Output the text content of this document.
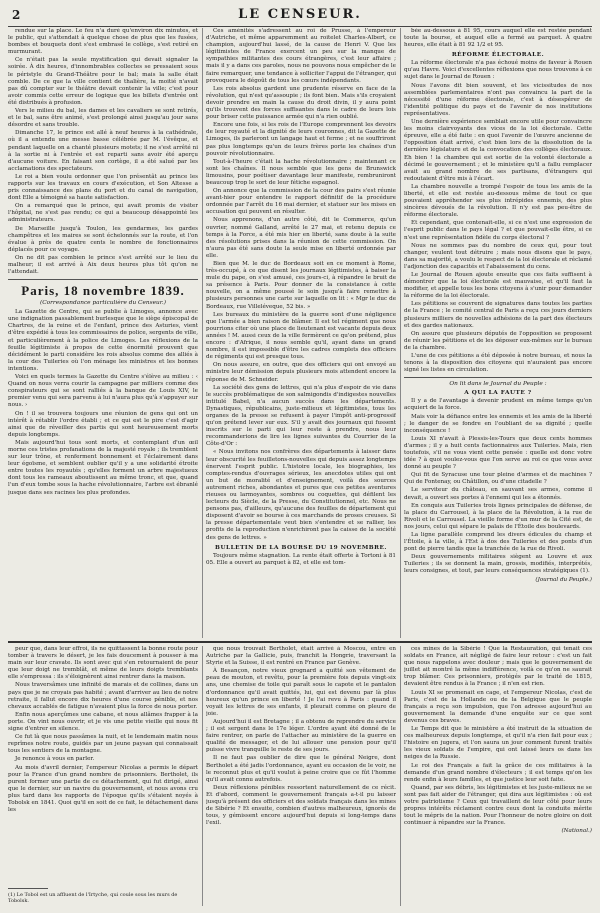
2	LE CENSEUR.

rendue sur la place. Le feu n'a duré qu'environ dix minutes, et le public, qui s'attendait à quelque chose de plus que les fusées, bombes et bouquets dont s'est embrasé le collège, s'est retiré en murmurant.

Ce n'était pas la seule mystification qui devait signaler la soirée. À dix heures, d'innombrables collectes se pressaient sous le péristyle du Grand-Théâtre pour le bal; mais la salle était comble. De ce que la ville contient de thalière, la moitié n'avait pas dû compter sur le théâtre devait contenir la ville; c'est pour avoir commis cette erreur de logique que les billets d'entrée ont été distribués à profusion.

Vers le milieu du bal, les dames et les cavaliers se sont retirés, et le bal, sans être animé, s'est prolongé ainsi jusqu'au jour sans désordre et sans trouble.

Dimanche 17, le prince est allé à neuf heures à la cathédrale, où il a entendu une messe basse célébrée par M. l'évêque, et pendant laquelle on a chanté plusieurs motets; il ne s'est arrêté ni à la sortie ni à l'entrée et est reparti sans avoir été aperçu d'aucune voiture. En faisant son cortège, il a été salué par les acclamations des spectateurs.

Le roi a bien voulu ordonner que l'on présentât au prince les rapports sur les travaux en cours d'exécution, et Son Altesse a pris connaissance des plans du port et du canal de navigation, dont Elle a témoigné sa haute satisfaction.

On a remarqué que le prince, qui avait promis de visiter l'hôpital, ne s'est pas rendu; ce qui a beaucoup désappointé les administrateurs.

De Marseille jusqu'à Toulon, les gendarmes, les gardes champêtres et les maires se sont échelonnés sur la route, et l'on évalue à près de quatre cents le nombre de fonctionnaires déplacés pour ce voyage.

On ne dit pas combien le prince s'est arrêté sur le lieu du malheur; il est arrivé à Aix deux heures plus tôt qu'on ne l'attendait.

Paris, 18 novembre 1839.
(Correspondance particulière du Censeur.)

La Gazette de Centre, qui se publie à Limoges, annonce avec une indignation passablement burlesque que le siège épiscopal de Chartres, de la reine et de l'enfant, prince des Asturies, vient d'être expédié à tous les commissaires de police, sergents de ville, et particulièrement à la police de Limoges. Les réflexions de la feuille légitimiste à propos de cette énormité prouvent que décidément le parti considère les rois absolus comme des alliés à la cour des Tuileries où l'on ménage les ministres et les bonnes intentions.

Voici en quels termes la Gazette du Centre s'élève au milieu : ‹ Quand on nous verra courir la campagne par milliers comme des conspirateurs qui se sont ralliés à la banque de Louis XIV, le premier venu qui sera parvenu à lui n'aura plus qu'à s'appuyer sur nous. ›

On ! il se trouvera toujours une réunion de gens qui ont un intérêt à rétablir l'ordre établi ; et ce qui est le pire c'est d'agir ainsi que de réveiller des partis qui sont heureusement morts depuis longtemps.

Mais aujourd'hui tous sont morts, et contemplant d'un œil morne ces tristes profanations de la majesté royale ; ils tremblent sur leur trône, et renferment bonnement et l'éclairement dans leur égoïsme, et semblent oublier qu'il y a une solidarité étroite entre toutes les royautés ; qu'elles forment un arbre majestueux dont tous les rameaux aboutissent au même tronc, et que, quand l'un d'eux tombe sous la hache révolutionnaire, l'arbre est ébranlé jusque dans ses racines les plus profondes.

Ces aménités s'adressent au roi de Prusse, à l'empereur d'Autriche, et même apparemment au roitelet Charles-Albert, ce champion, aujourd'hui lassé, de la cause de Henri V. Que les légitimistes de France exercent un peu sur la manque de sympathies militantes des cours étrangères, c'est leur affaire ; mais il y a dans ces paroles, nous ne pouvons nous empêcher de le faire remarquer, une tendance à solliciter l'appui de l'étranger, qui provoquera le dégoût de tous les cœurs indépendants.

Les rois absolus gardent une prudente réserve en face de la révolution, qui n'est qu'assoupie ; ils font bien. Mais s'ils croyaient devoir prendre en main la cause du droit divin, il y aura point qu'ils trouvent des forces suffisantes dans le cadre de leurs lois pour briser cette puissance armée qui n'a rien oublié.

Encore une fois, si les rois de l'Europe comprennent les devoirs de leur royauté et la dignité de leurs couronnes, dit la Gazette de Limoges, ils parleront un langage haut et ferme ; et ne souffriront pas plus longtemps qu'un de leurs frères porte les chaînes d'un pouvoir révolutionnaire.

Tout-à-l'heure c'était la hache révolutionnaire ; maintenant ce sont les chaînes. Il nous semble que les gens de Brunswick limousins, pour poétiser davantage leur manifeste, rembruniront beaucoup trop le sort de leur fétiche espagnol.

On annonce que la commission de la cour des pairs s'est réunie avant-hier pour entendre le rapport définitif de la procédure ordonnée par l'arrêt du 16 mai dernier, et statuer sur les mises en accusation qui peuvent en résulter.

Nous apprenons, d'un autre côté, dit le Commerce, qu'un ouvrier, nommé Galland, arrêté le 27 mai, et retenu depuis ce temps à la Force, a été mis hier en liberté, sans doute à la suite des résolutions prises dans la réunion de cette commission. On n'aura pas été sans doute la seule mise en liberté ordonnée par elle.

Bien que M. le duc de Bordeaux soit en ce moment à Rome, très-occupé, à ce que disent les journaux légitimistes, à baiser la mule du pape, on s'est amusé, ces jours-ci, à répandre le bruit de sa présence à Paris. Pour donner de la consistance à cette nouvelle, on a même poussé le soin jusqu'à faire remettre à plusieurs personnes une carte sur laquelle on lit : « Mgr le duc de Bordeaux, rue Villeléveque, 52 bis. »

Les bureaux du ministère de la guerre sont d'une négligence que l'armée a bien raison de blâmer. Il est tel régiment que nous pourrions citer où une place de lieutenant est vacante depuis deux années ! M. aussi ceux de la ville fermèrent ce qu'on prétend, plus encore : d'Afrique, il nous semble qu'il, ayant dans un grand nombre, il est impossible d'être les cadres complets des officiers de régiments qui est presque tous.

On nous assure, en outre, que des officiers qui ont envoyé au ministre leur démission depuis plusieurs mois attendent encore la réponse de M. Schneider.

La société des gens de lettres, qui n'a plus d'espoir de vie dans le succès problématique de son salmigondis d'indigestes nouvelles intitulé Babel, n'a aucun succès dans les départements. Dynastiques, républicains, juste-milieux et légitimistes, tous les organes de la presse se refusent à payer l'impôt anti-progressif qu'on prétend lever sur eux. S'il y avait des journaux qui fussent inscrits sur le parti qui leur reste à prendre, nous leur recommanderions de lire les lignes suivantes du Courrier de la Côte-d'Or :

« Nous invitons nos confrères des départements à laisser dans leur obscurité les feuilletons-nouvelles qui depuis assez longtemps énervent l'esprit public. L'histoire locale, les biographies, les comptes-rendus d'ouvrages sérieux, les anecdotes utiles qui ont un but de moralité et d'enseignement, voilà des sources autrement riches, abondantes et pures que ces petites aventures rieuses ou larmoyantes, sombres ou coquettes, qui défilent les lecteurs du Siècle, de la Presse, du Constitutionnel, etc. Nous ne pensons pas, d'ailleurs, qu'aucune des feuilles de département qui disposent d'avoir se bourse à ces marchands de proses creuses. Si la presse départementale veut bien s'entendre et se rallier, les profits de la reproduction n'enrichiront pas la caisse de la société des gens de lettres. »

BULLETIN DE LA BOURSE DU 19 NOVEMBRE.

Toujours même stagnation. La rente était offerte à Tortoni à 81 05. Elle a ouvert au parquet à 82, et elle est tom-

bée au-dessous à 81 95, cours auquel elle est restée pendant toute la bourse, et auquel elle a fermé au parquet. À quatre heures, elle était à 81 92 1/2 et 95.

RÉFORME ÉLECTORALE.

La réforme électorale n'a pas échoué moins de faveur à Rouen qu'au Havre. Voici d'excellentes réflexions que nous trouvons à ce sujet dans le Journal de Rouen :

Nous l'avons dit bien souvent, et les vicissitudes de nos assemblées parlementaires n'ont pas convaincu la part de la nécessité d'une réforme électorale, c'est à désespérer de l'identité politique du pays et de l'avenir de nos institutions représentatives.

Une dernière expérience semblait encore utile pour convaincre les moins clairvoyants des vices de la loi électorale. Cette épreuve, elle a été faite : en quoi l'avenir de l'œuvre ancienne de l'opposition était arrivé, c'est bien lors de la dissolution de la dernière législature et de la convocation des collèges électoraux. Eh bien ! la chambre qui est sortie de la volonté électorale a décimé le gouvernement ; et le ministère qu'il a fallu remplacer avait au grand nombre de ses partisans, d'étrangers qui redoutaient d'être mis à l'écart.

La chambre nouvelle a trompé l'espoir de tous les amis de la liberté, et elle est restée au-dessous même de tout ce que pouvaient appréhender ses plus intrépides ennemis, des plus sincères dévoués de la révolution. Il n'y est pas peu-être de réforme électorale.

Et cependant, que contenait-elle, si ce n'est une expression de l'esprit public dans le pays légal ? et que pouvait-elle être, si ce n'est une représentation fidèle du corps électoral ?

Nous ne sommes pas du nombre de ceux qui, pour tout changer, veulent tout détruire ; mais nous disons que le pays, dans sa majorité, a voulu le respect de la loi électorale et réclamé l'adjonction des capacités et l'abaissement du cens.

Le Journal de Rouen ajoute ensuite que ces faits suffisent à démontrer que la loi électorale est mauvaise, et qu'il faut la modifier, et appelle tous les bons citoyens à s'unir pour demander la réforme de la loi électorale.

Les pétitions se couvrent de signatures dans toutes les parties de la France ; le comité central de Paris a reçu ces jours derniers plusieurs milliers de nouvelles adhésions de la part des électeurs et des gardes nationaux.

On assure que plusieurs députés de l'opposition se proposent de réunir les pétitions et de les déposer eux-mêmes sur le bureau de la chambre.

L'une de ces pétitions a été déposée à notre bureau, et nous la tenons à la disposition des citoyens qui n'auraient pas encore signé les listes en circulation.

On lit dans le Journal du Peuple :
A QUI LA FAUTE ?

Il y a de l'avantage à devenir prudent en même temps qu'on acquiert de la force.

Mais voir la défiance entre les ennemis et les amis de la liberté ; le danger de se fondre en l'oubliant de sa dignité ; quelle inconséquence !

Louis XI n'avait à Plessis-les-Tours que deux cents hommes d'armes ; il y a huit cents factionnaires aux Tuileries. Mais, rien toutefois, s'il ne vous vient cette pensée : quelle est donc votre idée ? à quoi voulez-vous que l'on serve au roi ce que vous avez donné au peuple ?

Qui fit de Syracuse une tour pleine d'armes et de machines ? Qui de Fontenay, ou Châtillon, ou d'une citadelle ?

Le serviteur du château, en sauvant ses armes, comme il devait, a ouvert ses portes à l'ennemi qui les a étonnés.

En conquis aux Tuileries trois lignes principales de défense, de la place du Carrousel, à la place de la Révolution, à la rue de Rivoli et le Carrousel. La vieille forme d'un mur de la Cité est, de nos jours, celui qui sépare le palais de l'Étoile des boulevards.

La ligne parallèle comprend les divers édicules du champ et l'Étoile, à la ville, à l'Est à dos des Tuileries et des ponts d'un pont de pierre tandis que la tranchée de la rue de Rivoli.

Deux gouvernements militaires siègent au Louvre et aux Tuileries ; ils se donnent la main, grossis, modifiés, interprétés, leurs consignes, et tout, par leurs conséquences stratégiques (1).

(Journal du Peuple.)

peur que, dans leur effroi, ils ne quittassent la bonne route pour tomber à travers le désert, je les fais doucement à pousser à ma main sur leur cravate. Ils sont avec qui s'en retournaient de peur que leur doigt ne tremblât, et même de leurs doigts tremblants elle s'empressa : ils s'éloignèrent ainsi rentrer dans la maison.

Nous traversâmes une infinité de marais et de collines, dans un pays que je ne croyais pas habité ; avant d'arriver au lieu de notre retraite, il fallut encore dix heures d'une course pénible, et nos chevaux accablés de fatigue n'avaient plus la force de nous porter.

Enfin nous aperçûmes une cabane, et nous allâmes frapper à la porte. On vint nous ouvrir, et je vis une petite vieille qui nous fit signe d'entrer en silence.

Ce fut là que nous passâmes la nuit, et le lendemain matin nous reprîmes notre route, guidés par un jeune paysan qui connaissait tous les sentiers de la montagne.

Je renonce à vous en parler.

Au mois d'avril dernier, l'empereur Nicolas a permis le départ pour la France d'un grand nombre de prisonniers. Bertholet, ils purent former une partie de ce détachement, qui fut dirigé, ainsi que le dernier, sur un navire du gouvernement, et nous avons cru plus tard dans les rapports de l'époque qu'ils s'étaient noyés à Tobolsk en 1841. Quoi qu'il en soit de ce fait, le détachement dans les

que nous trouvait Bertholet, était arrivé à Moscou, entre en Autriche par la Gallicie, puis, franchit la Hongrie, traversant la Styrie et la Suisse, il est rentré en France par Genève.

À Besançon, notre vieux grognard a quitté son vêtement de peau de mouton, et revêtu, pour la première fois depuis vingt-six ans, une chemise de toile qui paraît sous le capote et le pantalon d'ordonnance qu'il avait quittés, lui, qui est devenu par là plus heureux qu'un prince en liberté ! Je l'ai revu à Paris : quand il voyait les lettres de ses enfants, il pleurait comme on pleure de joie.

Aujourd'hui il est Bretagne ; il a obtenu de reprendre du service ; il est sergent dans le 17e léger. L'ordre ayant été donné de le faire rentrer, on parle de l'attacher au ministère de la guerre en qualité de messager, et de lui allouer une pension pour qu'il puisse vivre tranquille le reste de ses jours.

Il ne faut pas oublier de dire que le général Neigre, dont Bertholet a été jadis l'ordonnance, ayant eu occasion de le voir, ne le reconnut plus et qu'il voulut à peine croire que ce fût l'homme qu'il avait connu autrefois.

Deux réflexions pénibles ressortent naturellement de ce récit. Et d'abord, comment le gouvernement français a-t-il pu laisser jusqu'à présent des officiers et des soldats français dans les mines de Sibérie ? Et ensuite, combien d'autres malheureux, ignorés de tous, y gémissent encore aujourd'hui depuis si long-temps dans l'exil.

ces mines de la Sibérie ! Que la Restauration, qui tenait ces soldats en France, ait négligé de faire leur retour : c'est un fait que nous rappelons avec douleur ; mais que le gouvernement de juillet ait montré la même indifférence, voilà ce qu'on ne saurait trop blâmer. Ces prisonniers, protégés par le traité de 1815, devaient être rendus à la France ; il n'en est rien.

Louis XI se promenait en cage, et l'empereur Nicolas, c'est de Paris, c'est de la Hollande ou de la Belgique que le peuple français a reçu son impulsion, que l'on adresse aujourd'hui au gouvernement la demande d'une enquête sur ce que sont devenus ces braves.

Le Temps dit que le ministère a été instruit de la situation de ces malheureux depuis longtemps, et qu'il n'a rien fait pour eux ; l'histoire en jugera, et l'on saura un jour comment furent traités les vieux soldats de l'empire, qui ont laissé leurs os dans les neiges de la Russie.

Le roi des Français a fait la grâce de ces militaires à la demande d'un grand nombre d'électeurs ; il est temps qu'on les rende enfin à leurs familles, et que justice leur soit faite.

Quand, par ses débris, les légitimistes et les juste-milieux ne se sont pas fait aider de l'étranger, qui dira aux légitimistes : où est votre patriotisme ? Ceux qui travaillent de leur côté pour leurs propres intérêts réclament contre ceux dont la conduite mérite tout le mépris de la nation. Pour l'honneur de notre gloire on doit continuer à répandre sur la France.

(National.)
(1) Le Tobol est un affluent de l'Irtyche, qui coule sous les murs de Tobolsk.
